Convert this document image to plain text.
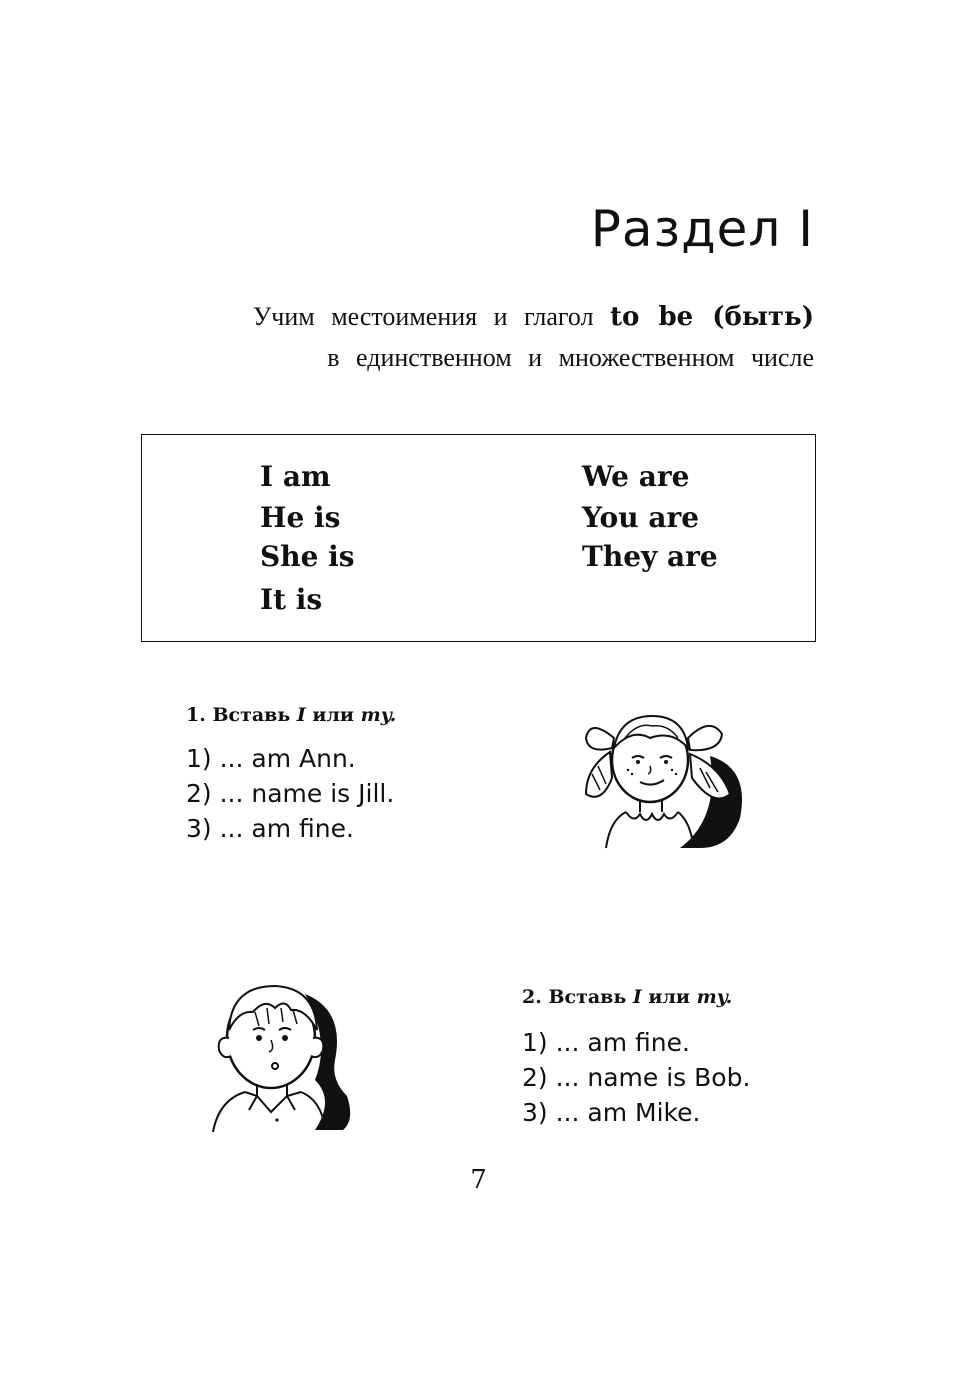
Раздел I
Учим местоимения и глагол to be (быть)
в единственном и множественном числе
I am
He is
She is
It is
We are
You are
They are
1. Вставь I или my.
1) ... am Ann.
2) ... name is Jill.
3) ... am fine.
2. Вставь I или my.
1) ... am fine.
2) ... name is Bob.
3) ... am Mike.
7
